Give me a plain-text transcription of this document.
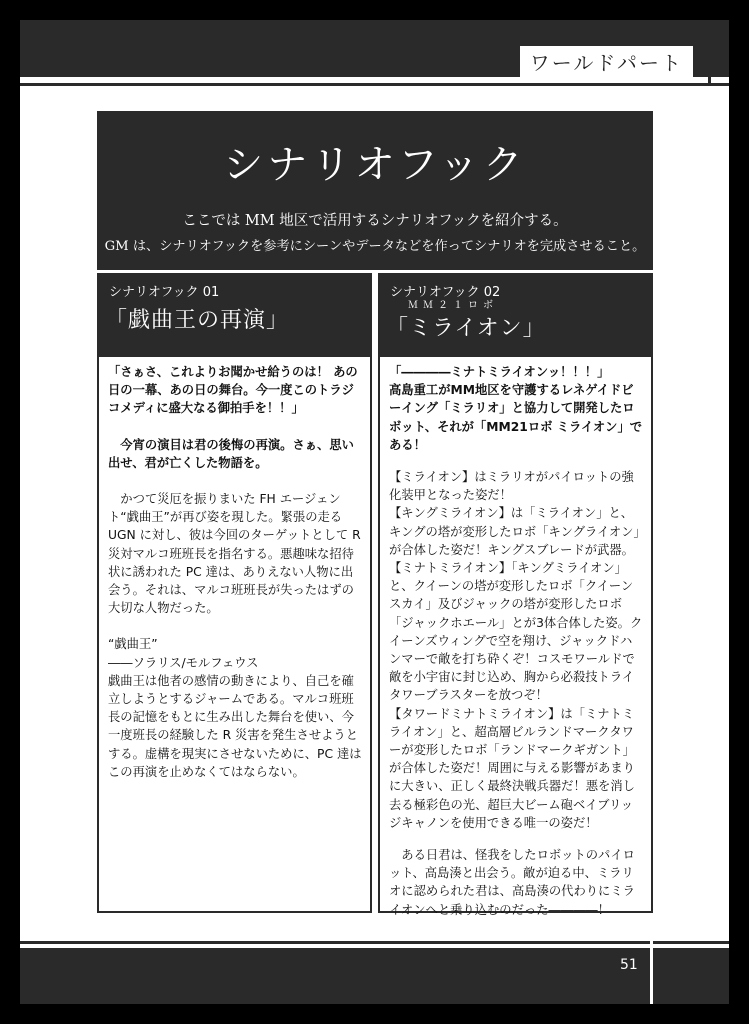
ワールドパート
シナリオフック
ここでは MM 地区で活用するシナリオフックを紹介する。
GM は、シナリオフックを参考にシーンやデータなどを作ってシナリオを完成させること。
シナリオフック 01
「戯曲王の再演」

「さぁさ、これよりお聞かせ給うのは！ あの日の一幕、あの日の舞台。今一度このトラジコメディに盛大なる御拍手を！！」

今宵の演目は君の後悔の再演。さぁ、思い出せ、君が亡くした物語を。

かつて災厄を振りまいた FH エージェント“戯曲王”が再び姿を現した。緊張の走る UGN に対し、彼は今回のターゲットとして R 災対マルコ班班長を指名する。悪趣味な招待状に誘われた PC 達は、ありえない人物に出会う。それは、マルコ班班長が失ったはずの大切な人物だった。

“戯曲王”

――ソラリス/モルフェウス

戯曲王は他者の感情の動きにより、自己を確立しようとするジャームである。マルコ班班長の記憶をもとに生み出した舞台を使い、今一度班長の経験した R 災害を発生させようとする。虚構を現実にさせないために、PC 達はこの再演を止めなくてはならない。

シナリオフック 02
ＭＭ２１ロボ
「ミライオン」

「――――ミナトミライオンッ！！！」

高島重工がMM地区を守護するレネゲイドビーイング「ミラリオ」と協力して開発したロボット、それが「MM21ロボ ミライオン」である！

【ミライオン】はミラリオがパイロットの強化装甲となった姿だ！

【キングミライオン】は「ミライオン」と、キングの塔が変形したロボ「キングライオン」が合体した姿だ！キングスブレードが武器。

【ミナトミライオン】「キングミライオン」と、クイーンの塔が変形したロボ「クイーンスカイ」及びジャックの塔が変形したロボ「ジャックホエール」とが3体合体した姿。クイーンズウィングで空を翔け、ジャックドハンマーで敵を打ち砕くぞ！コスモワールドで敵を小宇宙に封じ込め、胸から必殺技トライタワーブラスターを放つぞ！

【タワードミナトミライオン】は「ミナトミライオン」と、超高層ビルランドマークタワーが変形したロボ「ランドマークギガント」が合体した姿だ！周囲に与える影響があまりに大きい、正しく最終決戦兵器だ！悪を消し去る極彩色の光、超巨大ビーム砲ベイブリッジキャノンを使用できる唯一の姿だ！

ある日君は、怪我をしたロボットのパイロット、高島湊と出会う。敵が迫る中、ミラリオに認められた君は、高島湊の代わりにミライオンへと乗り込むのだった――――！

51
